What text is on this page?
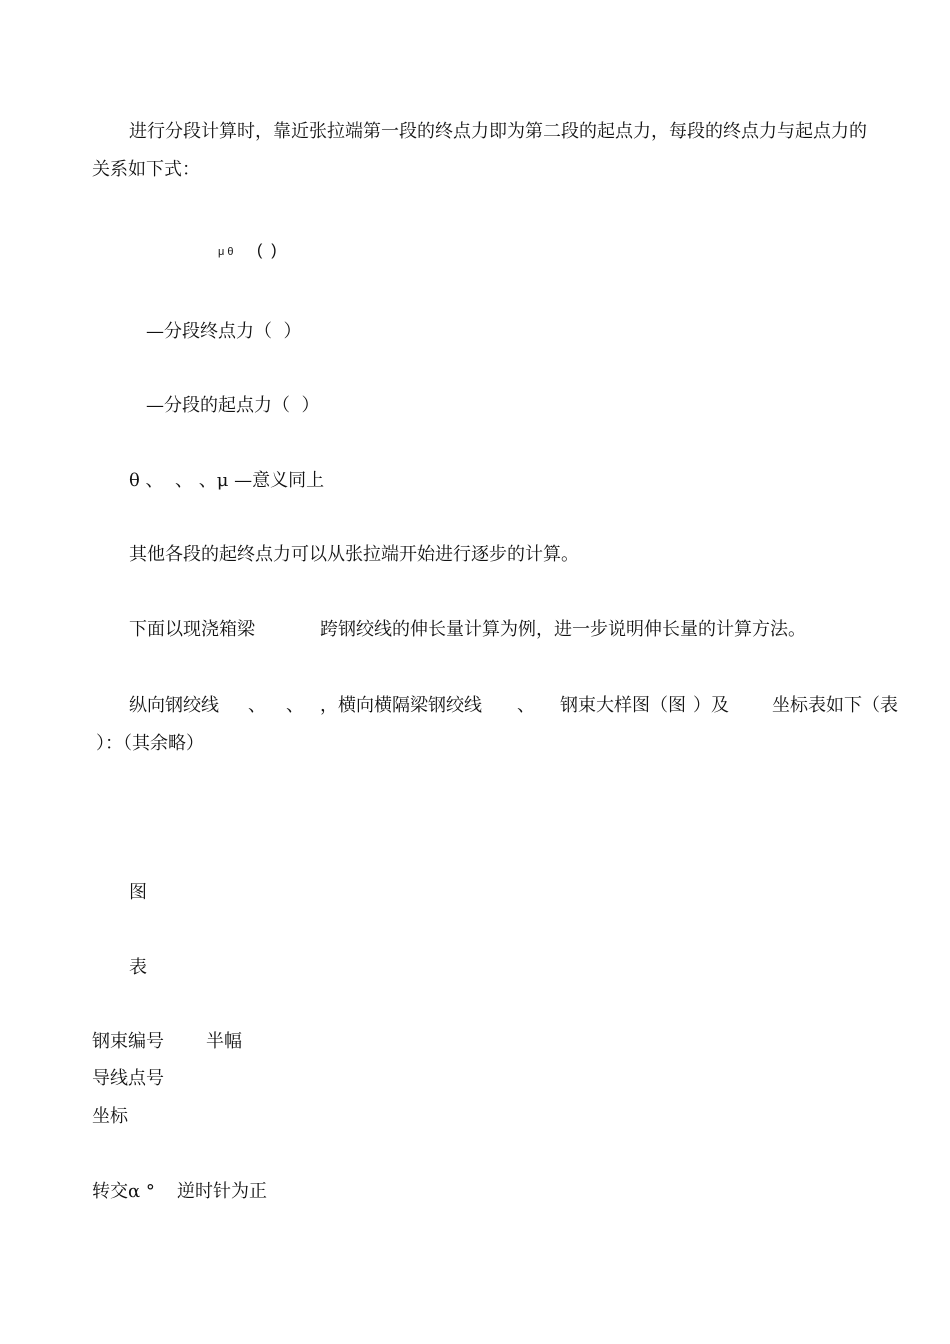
进行分段计算时，靠近张拉端第一段的终点力即为第二段的起点力，每段的终点力与起点力的
关系如下式：
μ θ (  )
—分段终点力（  ）
—分段的起点力（  ）
θ 、  、 、μ —意义同上
其他各段的起终点力可以从张拉端开始进行逐步的计算。
下面以现浇箱梁	跨钢绞线的伸长量计算为例，进一步说明伸长量的计算方法。
纵向钢绞线 、 、 ，横向横隔梁钢绞线 、 钢束大样图（图 ）及 坐标表如下（表
）：（其余略）
图
表
钢束编号 半幅
导线点号
坐标
转交α ° 逆时针为正
